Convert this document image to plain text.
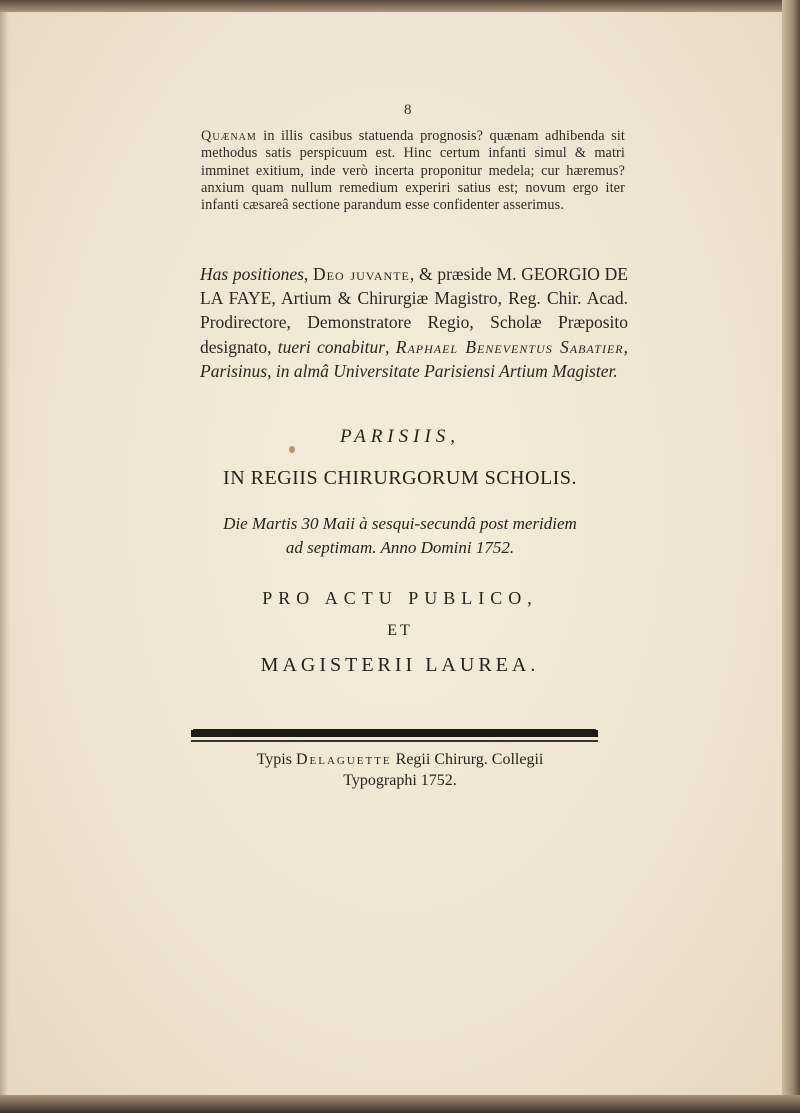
8
Quænam in illis casibus statuenda prognosis? quænam adhibenda sit methodus satis perspicuum est. Hinc certum infanti simul & matri imminet exitium, inde verò incerta proponitur medela; cur hæremus? anxium quam nullum remedium experiri satius est; novum ergo iter infanti cæsareâ sectione parandum esse confidenter asserimus.
Has positiones, Deo juvante, & præside M. GEORGIO DE LA FAYE, Artium & Chirurgiæ Magistro, Reg. Chir. Acad. Prodirectore, Demonstratore Regio, Scholæ Præposito designato, tueri conabitur, Raphael Beneventus Sabatier, Parisinus, in almâ Universitate Parisiensi Artium Magister.
PARISIIS,
IN REGIIS CHIRURGORUM SCHOLIS.
Die Martis 30 Maii à sesqui-secundâ post meridiem
ad septimam. Anno Domini 1752.
PRO ACTU PUBLICO,
ET
MAGISTERII LAUREA.
Typis Delaguette Regii Chirurg. Collegii
Typographi 1752.
